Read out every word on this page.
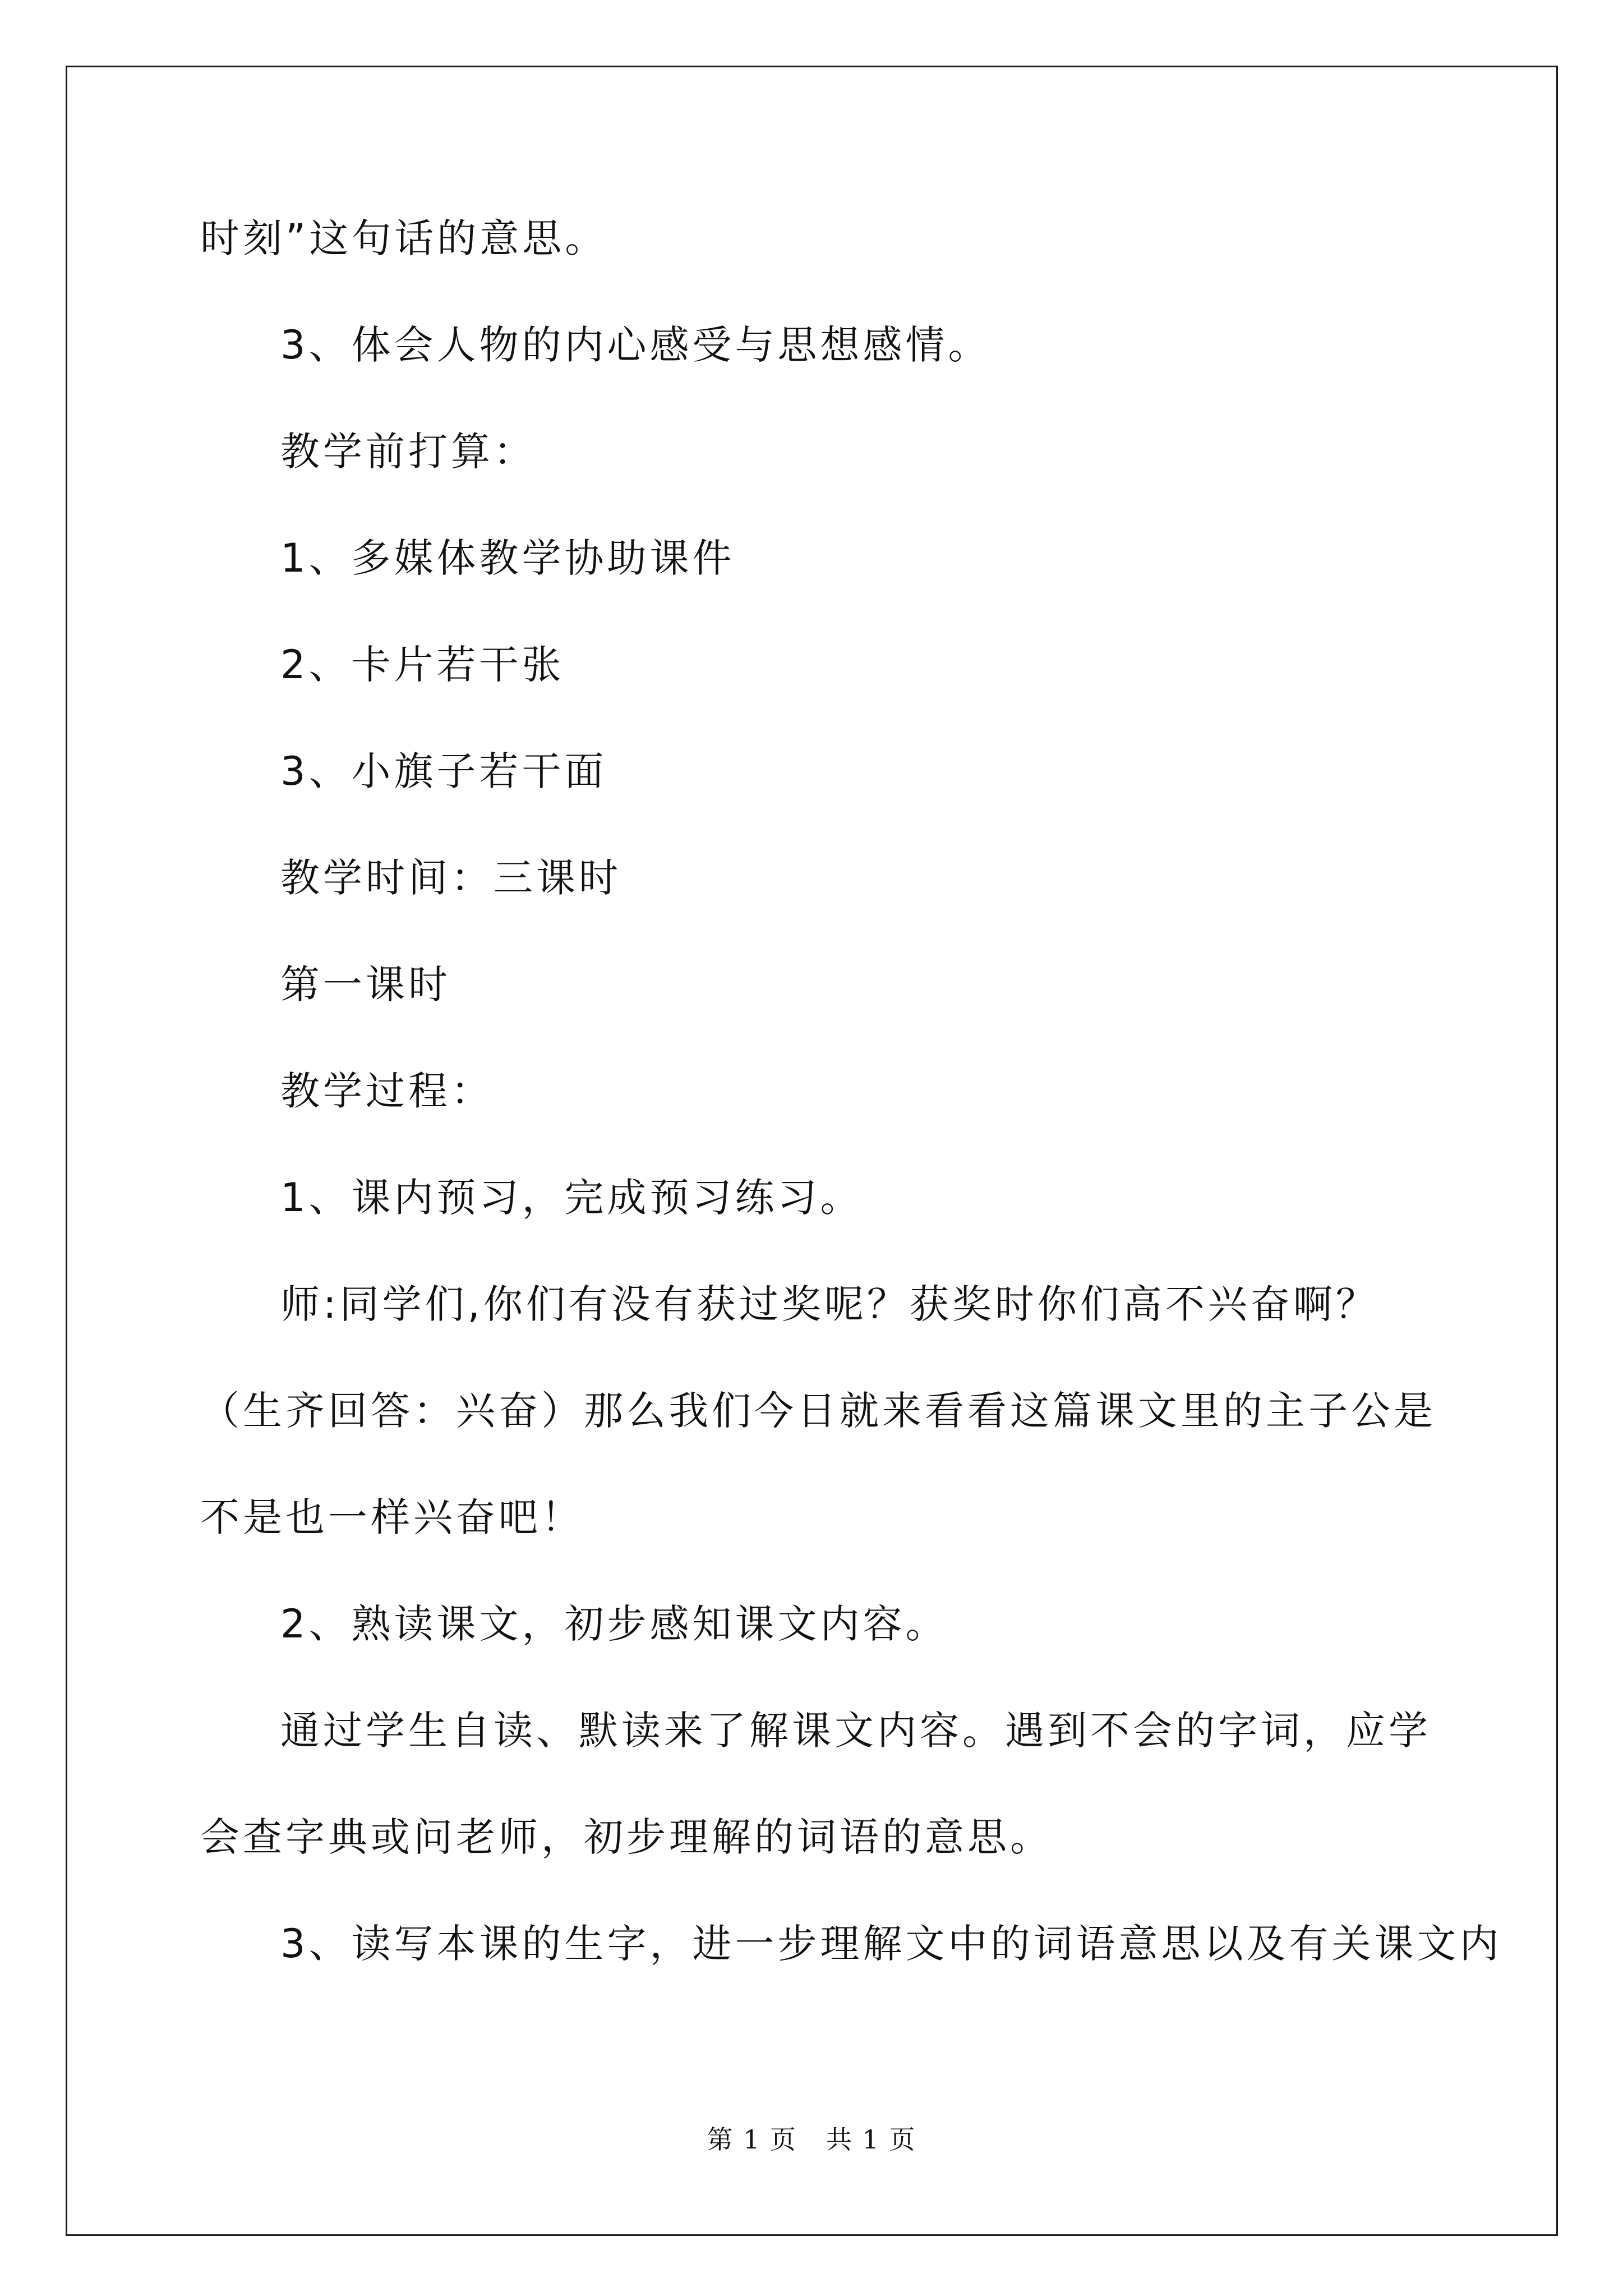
时刻”这句话的意思。

3、体会人物的内心感受与思想感情。

教学前打算：

1、多媒体教学协助课件

2、卡片若干张

3、小旗子若干面

教学时间：三课时

第一课时

教学过程：

1、课内预习，完成预习练习。

师:同学们,你们有没有获过奖呢？获奖时你们高不兴奋啊？（生齐回答：兴奋）那么我们今日就来看看这篇课文里的主子公是不是也一样兴奋吧！

2、熟读课文，初步感知课文内容。

通过学生自读、默读来了解课文内容。遇到不会的字词，应学会查字典或问老师，初步理解的词语的意思。

3、读写本课的生字，进一步理解文中的词语意思以及有关课文内

第 1 页 共 1 页
